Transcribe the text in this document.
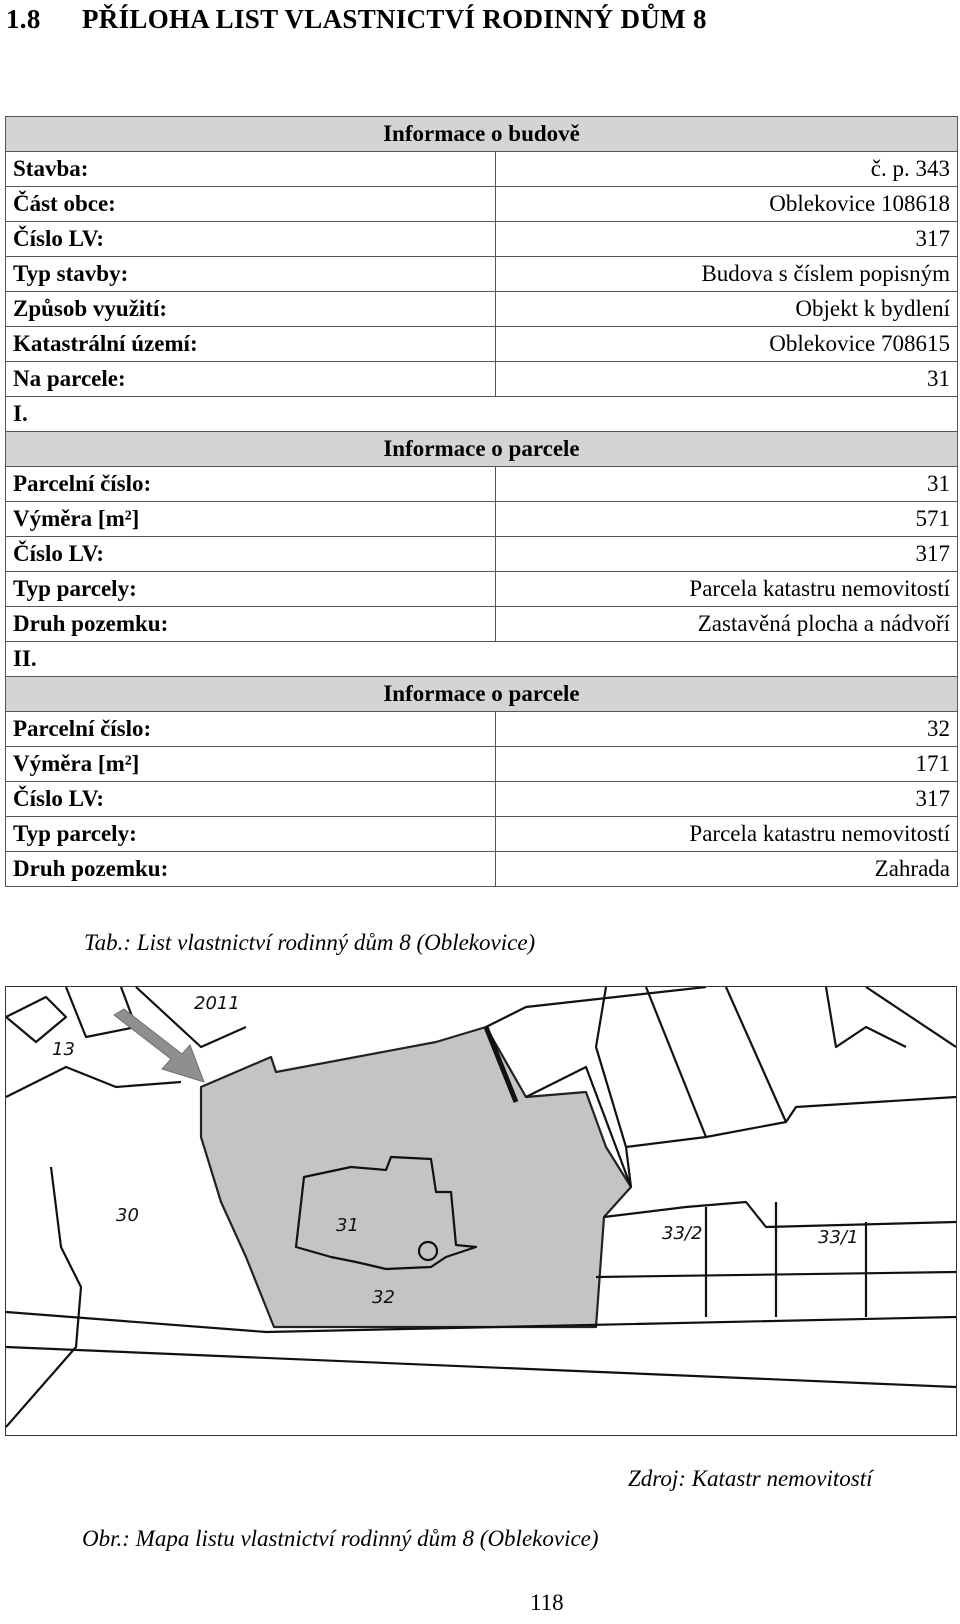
1.8 PŘÍLOHA LIST VLASTNICTVÍ RODINNÝ DŮM 8
Informace o budově	
Stavba:	č. p. 343
Část obce:	Oblekovice 108618
Číslo LV:	317
Typ stavby:	Budova s číslem popisným
Způsob využití:	Objekt k bydlení
Katastrální území:	Oblekovice 708615
Na parcele:	31
I.	
Informace o parcele	
Parcelní číslo:	31
Výměra [m²]	571
Číslo LV:	317
Typ parcely:	Parcela katastru nemovitostí
Druh pozemku:	Zastavěná plocha a nádvoří
II.	
Informace o parcele	
Parcelní číslo:	32
Výměra [m²]	171
Číslo LV:	317
Typ parcely:	Parcela katastru nemovitostí
Druh pozemku:	Zahrada
Tab.: List vlastnictví rodinný dům 8 (Oblekovice)
13
2011
30	31
32
33/2	33/1
Zdroj: Katastr nemovitostí
Obr.: Mapa listu vlastnictví rodinný dům 8 (Oblekovice)
118
